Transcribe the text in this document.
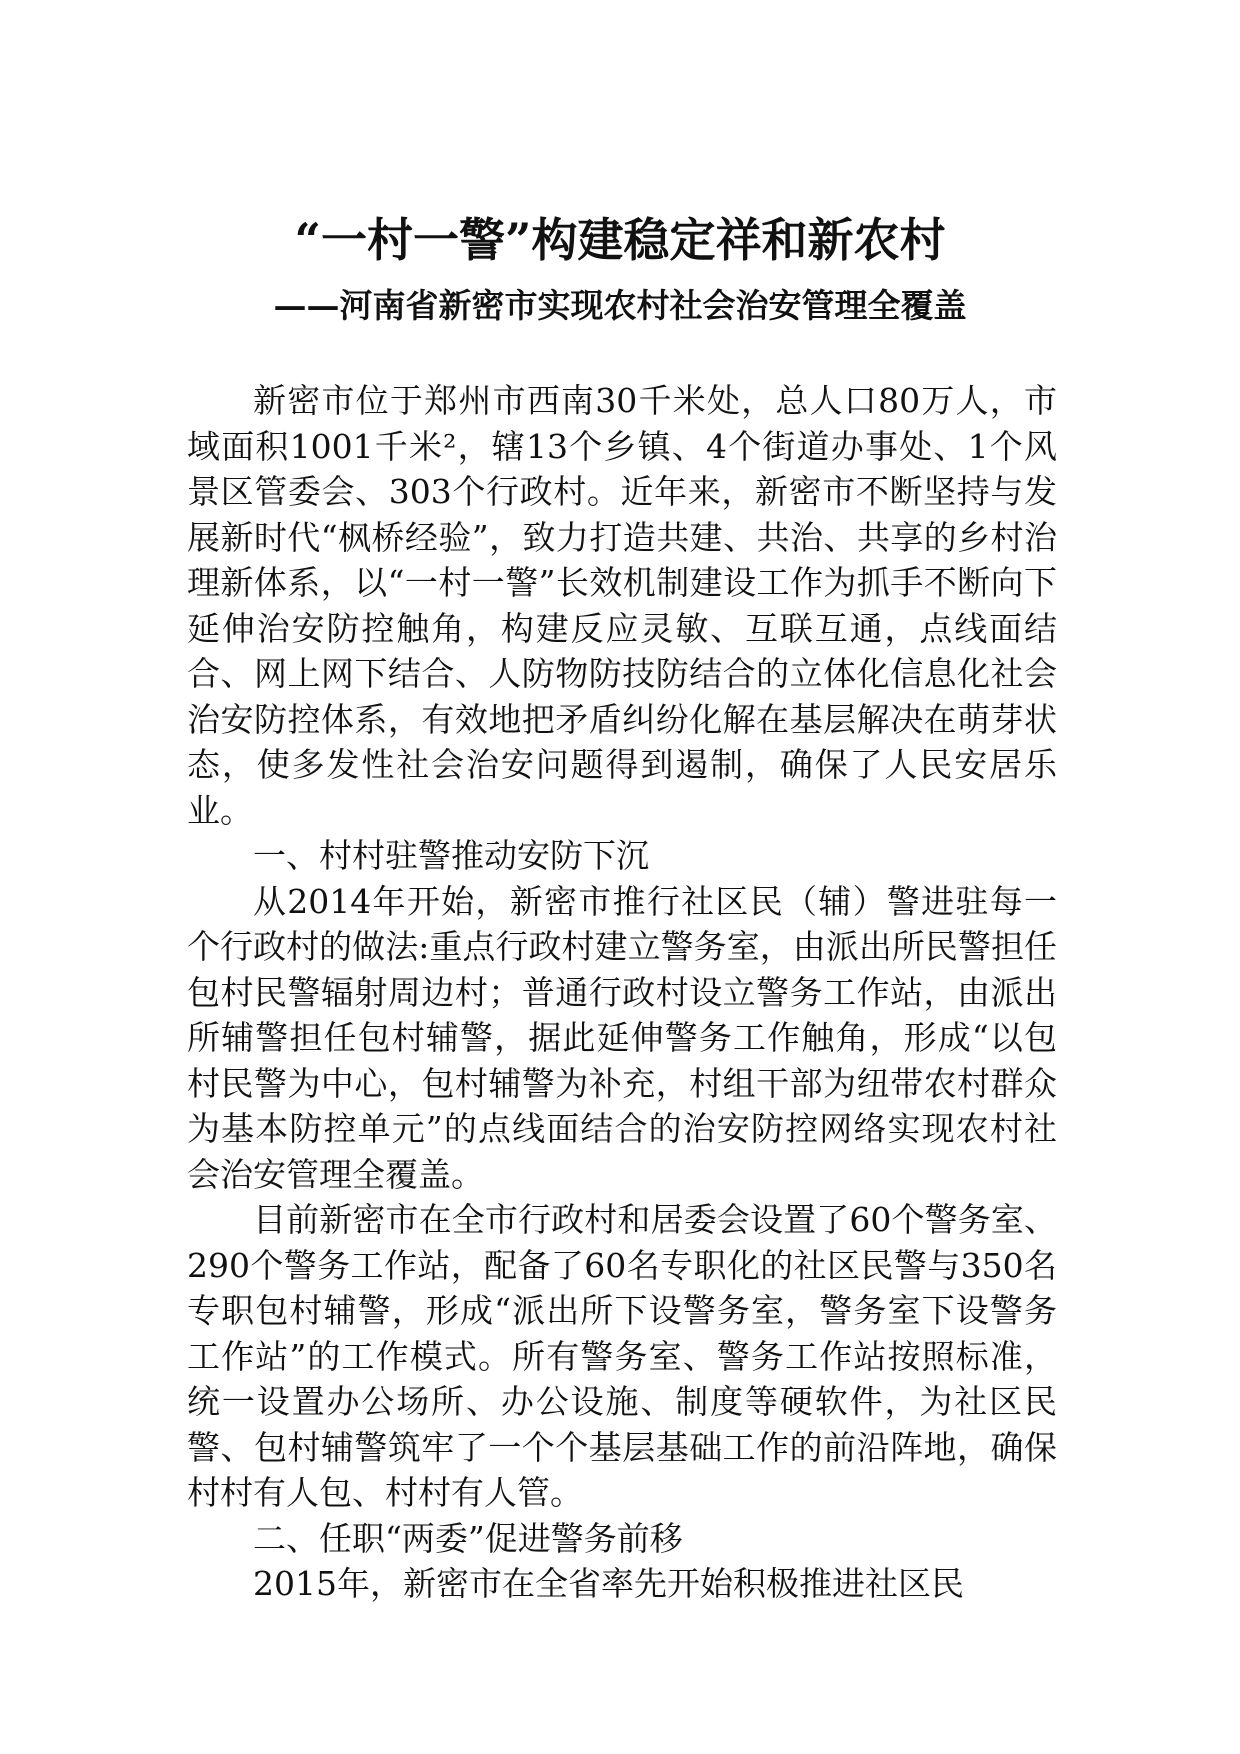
“一村一警”构建稳定祥和新农村
——河南省新密市实现农村社会治安管理全覆盖

新密市位于郑州市西南30千米处，总人口80万人，市域面积1001千米²，辖13个乡镇、4个街道办事处、1个风景区管委会、303个行政村。近年来，新密市不断坚持与发展新时代“枫桥经验”，致力打造共建、共治、共享的乡村治理新体系，以“一村一警”长效机制建设工作为抓手不断向下延伸治安防控触角，构建反应灵敏、互联互通，点线面结合、网上网下结合、人防物防技防结合的立体化信息化社会治安防控体系，有效地把矛盾纠纷化解在基层解决在萌芽状态，使多发性社会治安问题得到遏制，确保了人民安居乐业。

一、村村驻警推动安防下沉

从2014年开始，新密市推行社区民（辅）警进驻每一个行政村的做法:重点行政村建立警务室，由派出所民警担任包村民警辐射周边村；普通行政村设立警务工作站，由派出所辅警担任包村辅警，据此延伸警务工作触角，形成“以包村民警为中心，包村辅警为补充，村组干部为纽带农村群众为基本防控单元”的点线面结合的治安防控网络实现农村社会治安管理全覆盖。

目前新密市在全市行政村和居委会设置了60个警务室、290个警务工作站，配备了60名专职化的社区民警与350名专职包村辅警，形成“派出所下设警务室，警务室下设警务工作站”的工作模式。所有警务室、警务工作站按照标准，统一设置办公场所、办公设施、制度等硬软件，为社区民警、包村辅警筑牢了一个个基层基础工作的前沿阵地，确保村村有人包、村村有人管。

二、任职“两委”促进警务前移

2015年，新密市在全省率先开始积极推进社区民
